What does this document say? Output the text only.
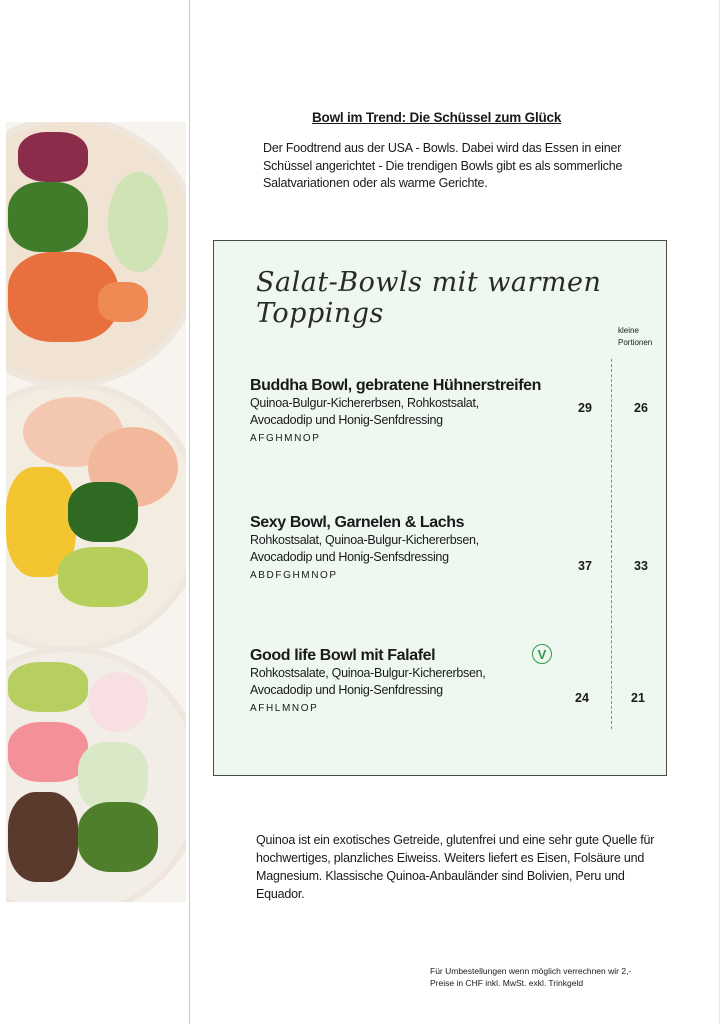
Bowl im Trend: Die Schüssel zum Glück
Der Foodtrend aus der USA - Bowls. Dabei wird das Essen in einer Schüssel angerichtet - Die trendigen Bowls gibt es als sommerliche Salatvariationen oder als warme Gerichte.
Salat-Bowls mit warmen Toppings
kleine Portionen
Buddha Bowl, gebratene Hühnerstreifen
Quinoa-Bulgur-Kichererbsen, Rohkostsalat,
Avocadodip und Honig-Senfdressing
AFGHMNOP
29	26
Sexy Bowl, Garnelen & Lachs
Rohkostsalat, Quinoa-Bulgur-Kichererbsen,
Avocadodip und Honig-Senfsdressing
ABDFGHMNOP
37	33
Good life Bowl mit Falafel
Rohkostsalate, Quinoa-Bulgur-Kichererbsen,
Avocadodip und Honig-Senfdressing
AFHLMNOP
V
24	21
Quinoa ist ein exotisches Getreide, glutenfrei und eine sehr gute Quelle für hochwertiges, planzliches Eiweiss. Weiters liefert es Eisen, Folsäure und Magnesium. Klassische Quinoa-Anbauländer sind Bolivien, Peru und Equador.
Für Umbestellungen wenn möglich verrechnen wir 2,-
Preise in CHF inkl. MwSt. exkl. Trinkgeld
